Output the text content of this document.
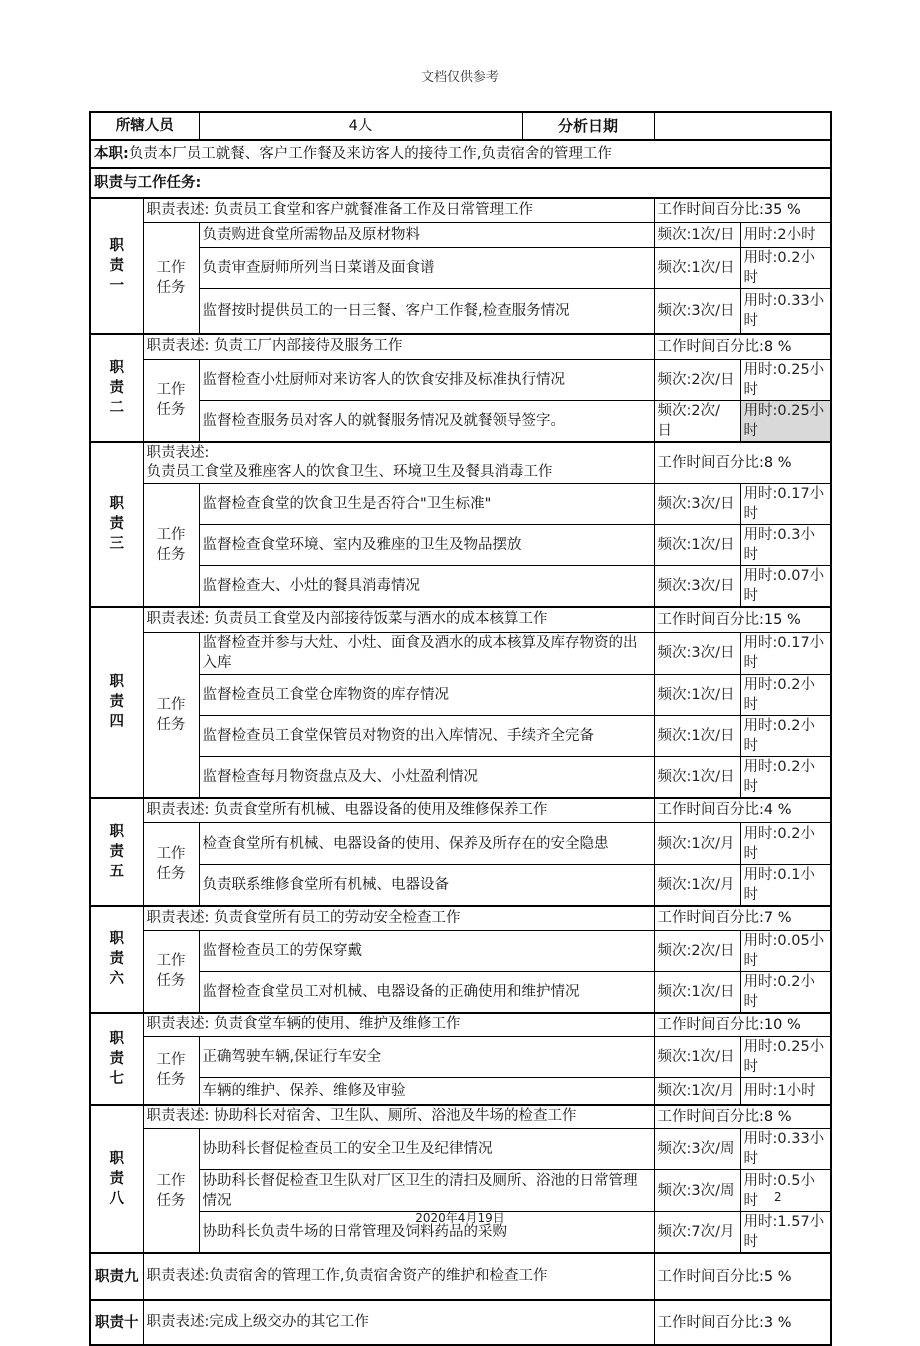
文档仅供参考
所辖人员		4人	分析日期

本职:负责本厂员工就餐、客户工作餐及来访客人的接待工作,负责宿舍的管理工作
职责与工作任务:
职
责
一	职责表述: 负责员工食堂和客户就餐准备工作及日常管理工作	工作时间百分比:35 %

工作
任务
	负责购进食堂所需物品及原材物料	频次:1次/日	用时:2小时
负责审查厨师所列当日菜谱及面食谱	频次:1次/日	用时:0.2小时
监督按时提供员工的一日三餐、客户工作餐,检查服务情况	频次:3次/日	用时:0.33小时
职
责
二	职责表述: 负责工厂内部接待及服务工作	工作时间百分比:8 %

工作
任务
	监督检查小灶厨师对来访客人的饮食安排及标准执行情况	频次:2次/日	用时:0.25小时
监督检查服务员对客人的就餐服务情况及就餐领导签字。	频次:2次/ 日	用时:0.25小时
职
责
三	职责表述:
负责员工食堂及雅座客人的饮食卫生、环境卫生及餐具消毒工作	工作时间百分比:8 %

工作
任务
	监督检查食堂的饮食卫生是否符合"卫生标准"	频次:3次/日	用时:0.17小时
监督检查食堂环境、室内及雅座的卫生及物品摆放	频次:1次/日	用时:0.3小时
监督检查大、小灶的餐具消毒情况	频次:3次/日	用时:0.07小时
职
责
四	职责表述: 负责员工食堂及内部接待饭菜与酒水的成本核算工作	工作时间百分比:15 %

工作
任务
	监督检查并参与大灶、小灶、面食及酒水的成本核算及库存物资的出入库	频次:3次/日	用时:0.17小时
监督检查员工食堂仓库物资的库存情况	频次:1次/日	用时:0.2小时
监督检查员工食堂保管员对物资的出入库情况、手续齐全完备	频次:1次/日	用时:0.2小时
监督检查每月物资盘点及大、小灶盈利情况	频次:1次/日	用时:0.2小时
职
责
五	职责表述: 负责食堂所有机械、电器设备的使用及维修保养工作	工作时间百分比:4 %

工作
任务
	检查食堂所有机械、电器设备的使用、保养及所存在的安全隐患	频次:1次/月	用时:0.2小时
负责联系维修食堂所有机械、电器设备	频次:1次/月	用时:0.1小时
职
责
六	职责表述: 负责食堂所有员工的劳动安全检查工作	工作时间百分比:7 %

工作
任务
	监督检查员工的劳保穿戴	频次:2次/日	用时:0.05小时
监督检查食堂员工对机械、电器设备的正确使用和维护情况	频次:1次/日	用时:0.2小时
职
责
七	职责表述: 负责食堂车辆的使用、维护及维修工作	工作时间百分比:10 %

工作
任务
	正确驾驶车辆,保证行车安全	频次:1次/日	用时:0.25小时
车辆的维护、保养、维修及审验	频次:1次/月	用时:1小时
职
责
八	职责表述: 协助科长对宿舍、卫生队、厕所、浴池及牛场的检查工作	工作时间百分比:8 %

工作
任务
	协助科长督促检查员工的安全卫生及纪律情况	频次:3次/周	用时:0.33小时
协助科长督促检查卫生队对厂区卫生的清扫及厕所、浴池的日常管理情况	频次:3次/周	用时:0.5小时
协助科长负责牛场的日常管理及饲料药品的采购	频次:7次/月	用时:1.57小时
职责九	职责表述:负责宿舍的管理工作,负责宿舍资产的维护和检查工作	工作时间百分比:5 %
职责十	职责表述:完成上级交办的其它工作	工作时间百分比:3 %
2
2020年4月19日
